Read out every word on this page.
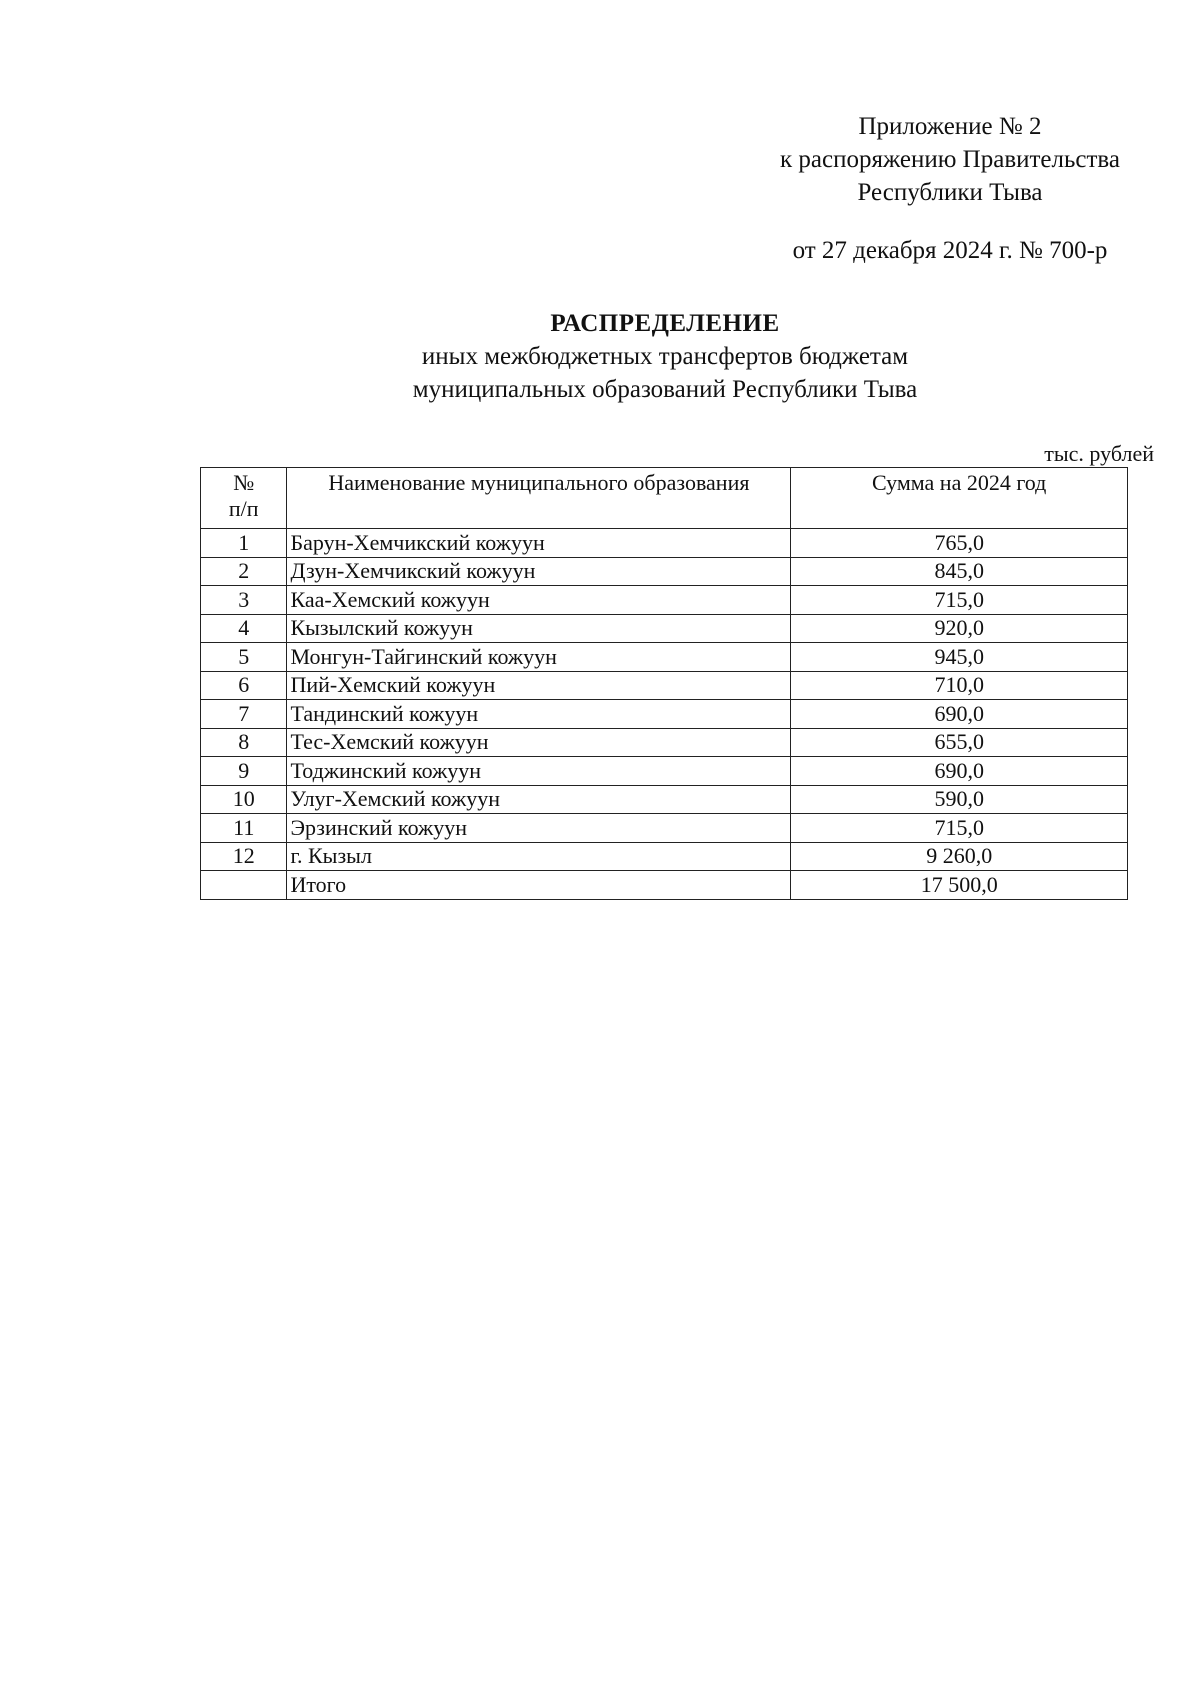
Приложение № 2
к распоряжению Правительства
Республики Тыва
от 27 декабря 2024 г. № 700-р
РАСПРЕДЕЛЕНИЕ
иных межбюджетных трансфертов бюджетам
муниципальных образований Республики Тыва
тыс. рублей
№
п/п	Наименование муниципального образования	Сумма на 2024 год
1	Барун-Хемчикский кожуун	765,0
2	Дзун-Хемчикский кожуун	845,0
3	Каа-Хемский кожуун	715,0
4	Кызылский кожуун	920,0
5	Монгун-Тайгинский кожуун	945,0
6	Пий-Хемский кожуун	710,0
7	Тандинский кожуун	690,0
8	Тес-Хемский кожуун	655,0
9	Тоджинский кожуун	690,0
10	Улуг-Хемский кожуун	590,0
11	Эрзинский кожуун	715,0
12	г. Кызыл	9 260,0
	Итого	17 500,0
